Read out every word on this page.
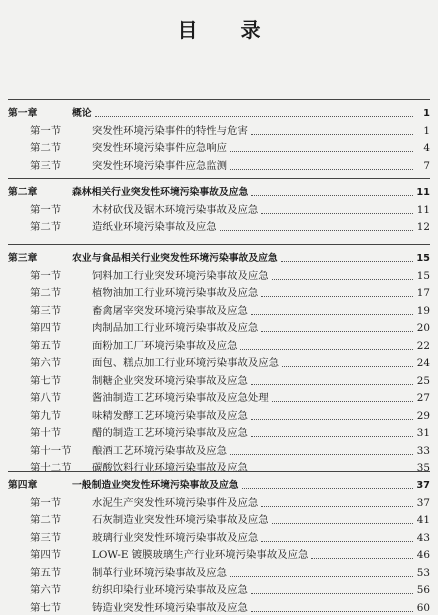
目 录
第一章	概论	1
第一节	突发性环境污染事件的特性与危害	1
第二节	突发性环境污染事件应急响应	4
第三节	突发性环境污染事件应急监测	7
第二章	森林相关行业突发性环境污染事故及应急	11
第一节	木材砍伐及锯木环境污染事故及应急	11
第二节	造纸业环境污染事故及应急	12
第三章	农业与食品相关行业突发性环境污染事故及应急	15
第一节	饲料加工行业突发环境污染事故及应急	15
第二节	植物油加工行业环境污染事故及应急	17
第三节	畜禽屠宰突发环境污染事故及应急	19
第四节	肉制品加工行业环境污染事故及应急	20
第五节	面粉加工厂环境污染事故及应急	22
第六节	面包、糕点加工行业环境污染事故及应急	24
第七节	制糖企业突发环境污染事故及应急	25
第八节	酱油制造工艺环境污染事故及应急处理	27
第九节	味精发酵工艺环境污染事故及应急	29
第十节	醋的制造工艺环境污染事故及应急	31
第十一节	酿酒工艺环境污染事故及应急	33
第十二节	碳酸饮料行业环境污染事故及应急	35
第四章	一般制造业突发性环境污染事故及应急	37
第一节	水泥生产突发性环境污染事件及应急	37
第二节	石灰制造业突发性环境污染事故及应急	41
第三节	玻璃行业突发性环境污染事故及应急	43
第四节	LOW-E 镀膜玻璃生产行业环境污染事故及应急	46
第五节	制革行业环境污染事故及应急	53
第六节	纺织印染行业环境污染事故及应急	56
第七节	铸造业突发性环境污染事故及应急	60
